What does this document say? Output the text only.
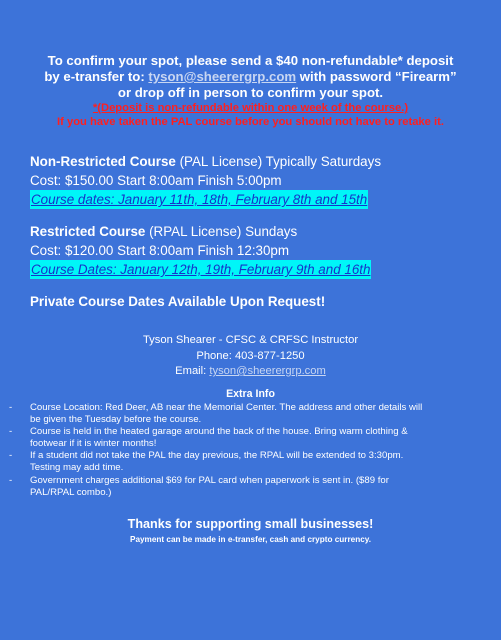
To confirm your spot, please send a $40 non-refundable* deposit
by e-transfer to: tyson@sheerergrp.com with password “Firearm”
or drop off in person to confirm your spot.
*(Deposit is non-refundable within one week of the course.)
If you have taken the PAL course before you should not have to retake it.
Non-Restricted Course (PAL License) Typically Saturdays
Cost: $150.00 Start 8:00am Finish 5:00pm
Course dates: January 11th, 18th, February 8th and 15th
Restricted Course (RPAL License) Sundays
Cost: $120.00 Start 8:00am Finish 12:30pm
Course Dates: January 12th, 19th, February 9th and 16th
Private Course Dates Available Upon Request!
Tyson Shearer - CFSC & CRFSC Instructor
Phone: 403-877-1250
Email: tyson@sheerergrp.com
Extra Info
- Course Location: Red Deer, AB near the Memorial Center. The address and other details will
be given the Tuesday before the course.
- Course is held in the heated garage around the back of the house. Bring warm clothing &
footwear if it is winter months!
- If a student did not take the PAL the day previous, the RPAL will be extended to 3:30pm.
Testing may add time.
- Government charges additional $69 for PAL card when paperwork is sent in. ($89 for
PAL/RPAL combo.)
Thanks for supporting small businesses!
Payment can be made in e-transfer, cash and crypto currency.
